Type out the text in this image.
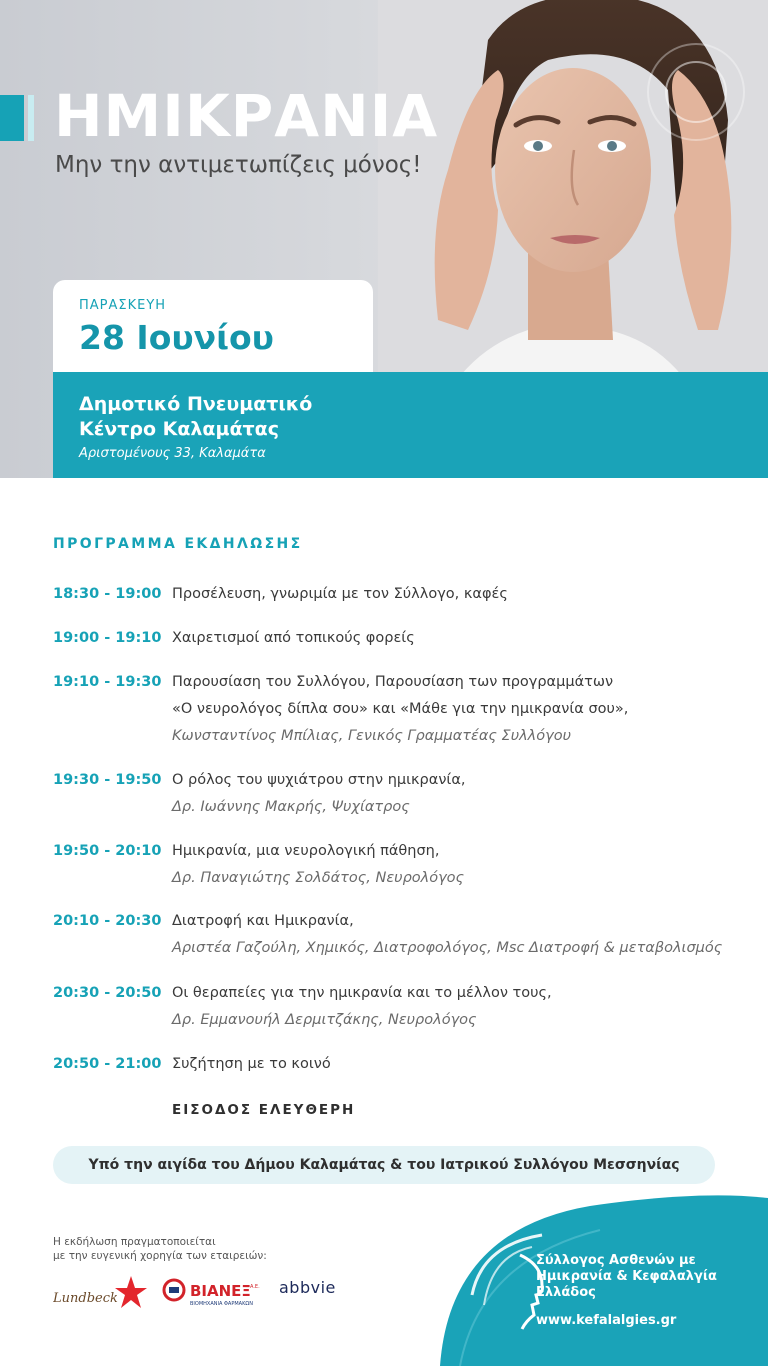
ΗΜΙΚΡΑΝΙΑ
Μην την αντιμετωπίζεις μόνος!
ΠΑΡΑΣΚΕΥΗ
28 Ιουνίου
Δημοτικό Πνευματικό
Κέντρο Καλαμάτας
Αριστομένους 33, Καλαμάτα
ΠΡΟΓΡΑΜΜΑ ΕΚΔΗΛΩΣΗΣ
18:30 - 19:00 Προσέλευση, γνωριμία με τον Σύλλογο, καφές
19:00 - 19:10 Χαιρετισμοί από τοπικούς φορείς
19:10 - 19:30 Παρουσίαση του Συλλόγου, Παρουσίαση των προγραμμάτων
«Ο νευρολόγος δίπλα σου» και «Μάθε για την ημικρανία σου»,
Κωνσταντίνος Μπίλιας, Γενικός Γραμματέας Συλλόγου
19:30 - 19:50 Ο ρόλος του ψυχιάτρου στην ημικρανία,
Δρ. Ιωάννης Μακρής, Ψυχίατρος
19:50 - 20:10 Ημικρανία, μια νευρολογική πάθηση,
Δρ. Παναγιώτης Σολδάτος, Νευρολόγος
20:10 - 20:30 Διατροφή και Ημικρανία,
Αριστέα Γαζούλη, Χημικός, Διατροφολόγος, Msc Διατροφή & μεταβολισμός
20:30 - 20:50 Οι θεραπείες για την ημικρανία και το μέλλον τους,
Δρ. Εμμανουήλ Δερμιτζάκης, Νευρολόγος
20:50 - 21:00 Συζήτηση με το κοινό
ΕΙΣΟΔΟΣ ΕΛΕΥΘΕΡΗ
Υπό την αιγίδα του Δήμου Καλαμάτας & του Ιατρικού Συλλόγου Μεσσηνίας
Η εκδήλωση πραγματοποιείται
με την ευγενική χορηγία των εταιρειών:
Lundbeck	ΒΙΑΝΕΞ A.E.
ΒΙΟΜΗΧΑΝΙΑ ΦΑΡΜΑΚΩΝ
abbvie
Σύλλογος Ασθενών με
Ημικρανία & Κεφαλαλγία
Ελλάδος
www.kefalalgies.gr
